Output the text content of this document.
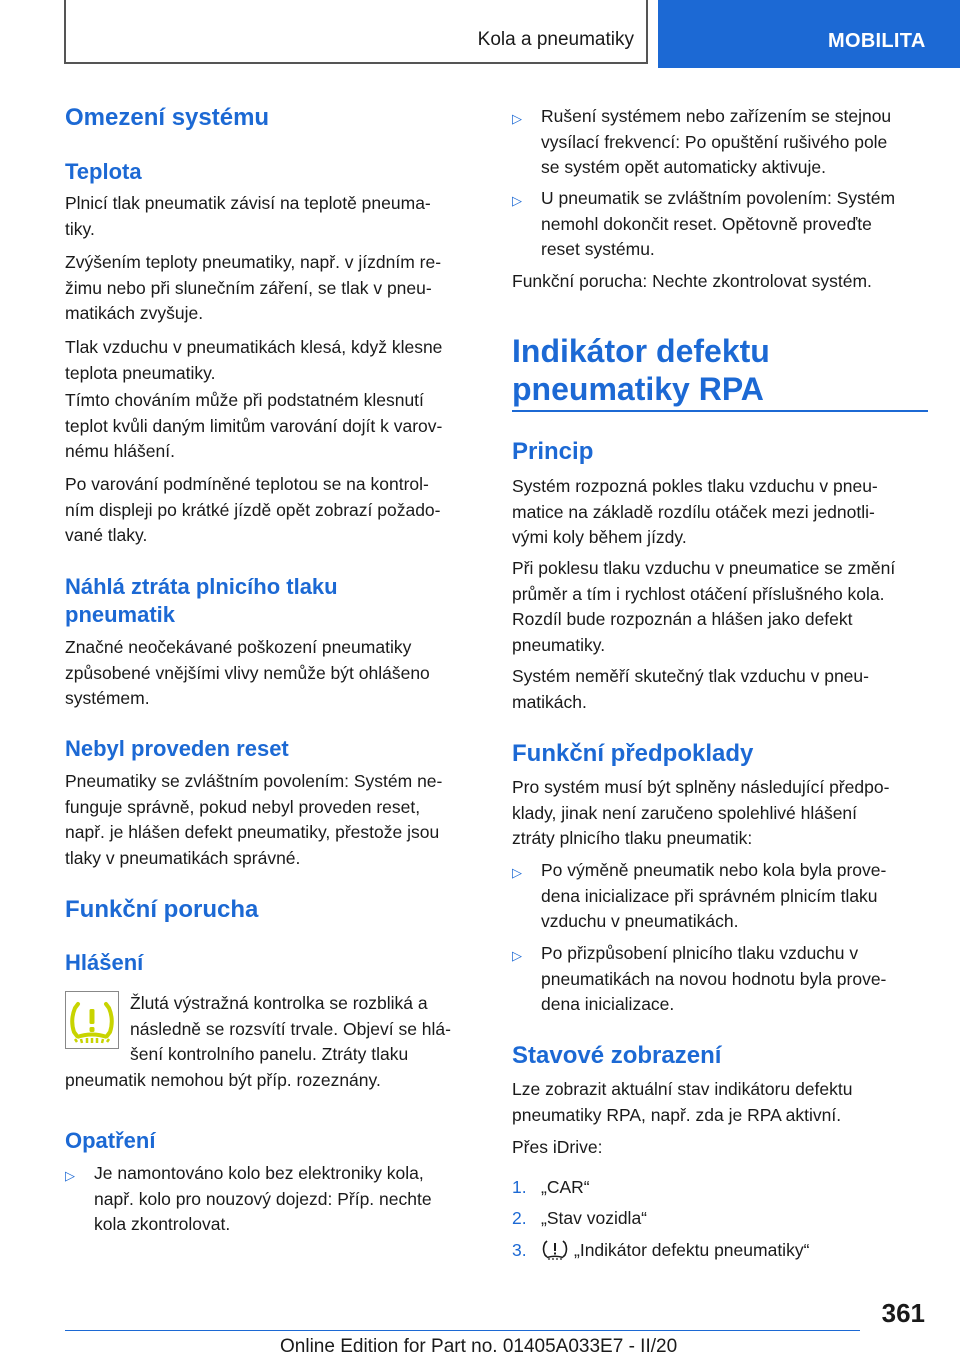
Kola a pneumatiky	MOBILITA
Omezení systému
Teplota

Plnicí tlak pneumatik závisí na teplotě pneuma-
tiky.

Zvýšením teploty pneumatiky, např. v jízdním re-
žimu nebo při slunečním záření, se tlak v pneu-
matikách zvyšuje.

Tlak vzduchu v pneumatikách klesá, když klesne
teplota pneumatiky.

Tímto chováním může při podstatném klesnutí
teplot kvůli daným limitům varování dojít k varov-
nému hlášení.

Po varování podmíněné teplotou se na kontrol-
ním displeji po krátké jízdě opět zobrazí požado-
vané tlaky.

Náhlá ztráta plnicího tlaku
pneumatik

Značné neočekávané poškození pneumatiky
způsobené vnějšími vlivy nemůže být ohlášeno
systémem.

Nebyl proveden reset

Pneumatiky se zvláštním povolením: Systém ne-
funguje správně, pokud nebyl proveden reset,
např. je hlášen defekt pneumatiky, přestože jsou
tlaky v pneumatikách správné.

Funkční porucha
Hlášení

Žlutá výstražná kontrolka se rozbliká a
následně se rozsvítí trvale. Objeví se hlá-
šení kontrolního panelu. Ztráty tlaku

pneumatik nemohou být příp. rozeznány.

Opatření
▷ Je namontováno kolo bez elektroniky kola,
např. kolo pro nouzový dojezd: Příp. nechte
kola zkontrolovat.
▷ Rušení systémem nebo zařízením se stejnou
vysílací frekvencí: Po opuštění rušivého pole
se systém opět automaticky aktivuje.
▷ U pneumatik se zvláštním povolením: Systém
nemohl dokončit reset. Opětovně proveďte
reset systému.

Funkční porucha: Nechte zkontrolovat systém.

Indikátor defektu
pneumatiky RPA
Princip

Systém rozpozná pokles tlaku vzduchu v pneu-
matice na základě rozdílu otáček mezi jednotli-
vými koly během jízdy.

Při poklesu tlaku vzduchu v pneumatice se změní
průměr a tím i rychlost otáčení příslušného kola.
Rozdíl bude rozpoznán a hlášen jako defekt
pneumatiky.

Systém neměří skutečný tlak vzduchu v pneu-
matikách.

Funkční předpoklady

Pro systém musí být splněny následující předpo-
klady, jinak není zaručeno spolehlivé hlášení
ztráty plnicího tlaku pneumatik:

▷ Po výměně pneumatik nebo kola byla prove-
dena inicializace při správném plnicím tlaku
vzduchu v pneumatikách.
▷ Po přizpůsobení plnicího tlaku vzduchu v
pneumatikách na novou hodnotu byla prove-
dena inicializace.
Stavové zobrazení

Lze zobrazit aktuální stav indikátoru defektu
pneumatiky RPA, např. zda je RPA aktivní.

Přes iDrive:

1. „CAR“
2. „Stav vozidla“
3.	„Indikátor defektu pneumatiky“
361
Online Edition for Part no. 01405A033E7 - II/20
